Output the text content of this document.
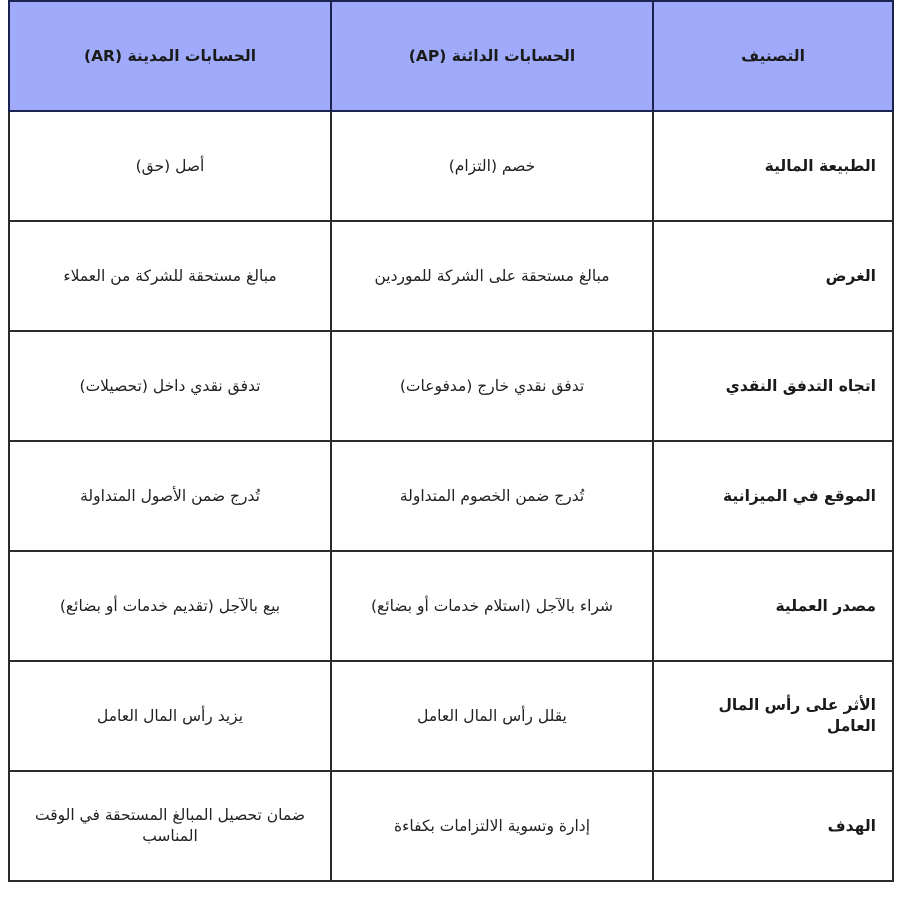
التصنيف	الحسابات الدائنة (AP)	الحسابات المدينة (AR)
الطبيعة المالية	خصم (التزام)	أصل (حق)
الغرض	مبالغ مستحقة على الشركة للموردين	مبالغ مستحقة للشركة من العملاء
اتجاه التدفق النقدي	تدفق نقدي خارج (مدفوعات)	تدفق نقدي داخل (تحصيلات)
الموقع في الميزانية	تُدرج ضمن الخصوم المتداولة	تُدرج ضمن الأصول المتداولة
مصدر العملية	شراء بالآجل (استلام خدمات أو بضائع)	بيع بالآجل (تقديم خدمات أو بضائع)
الأثر على رأس المال العامل	يقلل رأس المال العامل	يزيد رأس المال العامل
الهدف	إدارة وتسوية الالتزامات بكفاءة	ضمان تحصيل المبالغ المستحقة في الوقت المناسب
